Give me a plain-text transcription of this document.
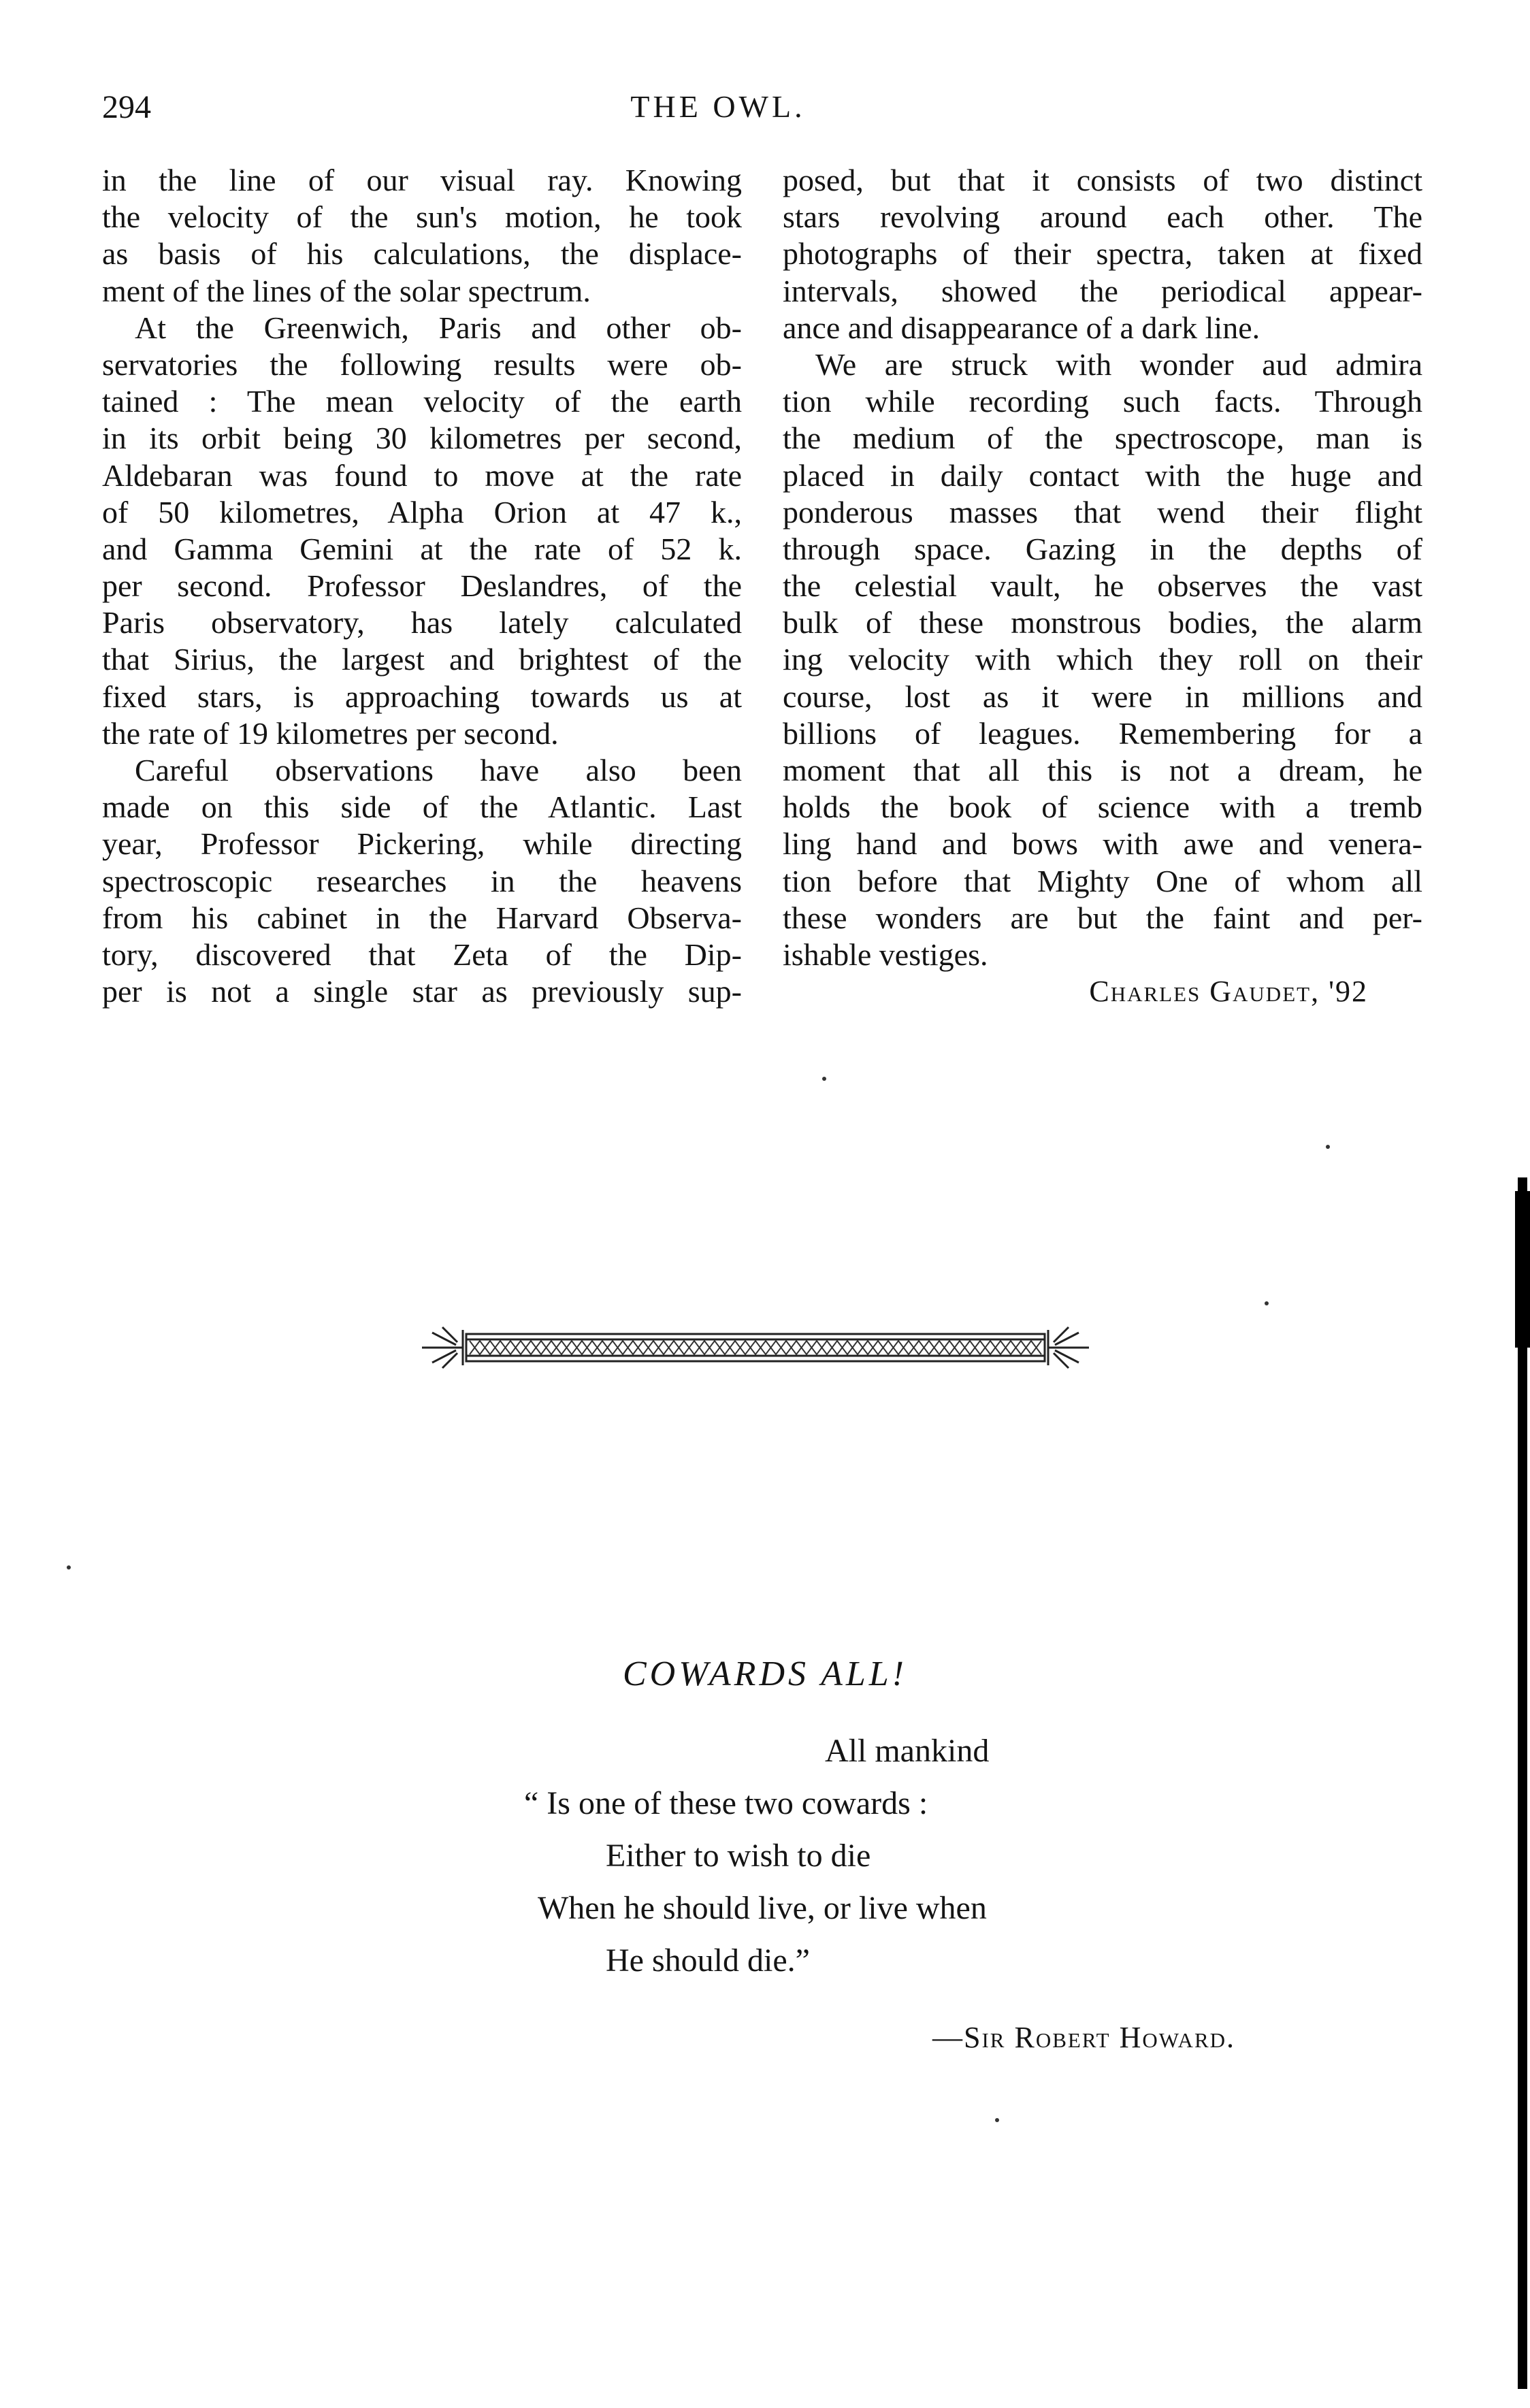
294	THE OWL.
in the line of our visual ray. Knowing
the velocity of the sun's motion, he took
as basis of his calculations, the displace-
ment of the lines of the solar spectrum.
At the Greenwich, Paris and other ob-
servatories the following results were ob-
tained : The mean velocity of the earth
in its orbit being 30 kilometres per second,
Aldebaran was found to move at the rate
of 50 kilometres, Alpha Orion at 47 k.,
and Gamma Gemini at the rate of 52 k.
per second. Professor Deslandres, of the
Paris observatory, has lately calculated
that Sirius, the largest and brightest of the
fixed stars, is approaching towards us at
the rate of 19 kilometres per second.
Careful observations have also been
made on this side of the Atlantic. Last
year, Professor Pickering, while directing
spectroscopic researches in the heavens
from his cabinet in the Harvard Observa-
tory, discovered that Zeta of the Dip-
per is not a single star as previously sup-
posed, but that it consists of two distinct
stars revolving around each other. The
photographs of their spectra, taken at fixed
intervals, showed the periodical appear-
ance and disappearance of a dark line.
We are struck with wonder aud admira
tion while recording such facts. Through
the medium of the spectroscope, man is
placed in daily contact with the huge and
ponderous masses that wend their flight
through space. Gazing in the depths of
the celestial vault, he observes the vast
bulk of these monstrous bodies, the alarm
ing velocity with which they roll on their
course, lost as it were in millions and
billions of leagues. Remembering for a
moment that all this is not a dream, he
holds the book of science with a tremb
ling hand and bows with awe and venera-
tion before that Mighty One of whom all
these wonders are but the faint and per-
ishable vestiges.
Charles Gaudet, '92
COWARDS ALL!
All mankind
“ Is one of these two cowards :
Either to wish to die
When he should live, or live when
He should die.”
—Sir Robert Howard.
